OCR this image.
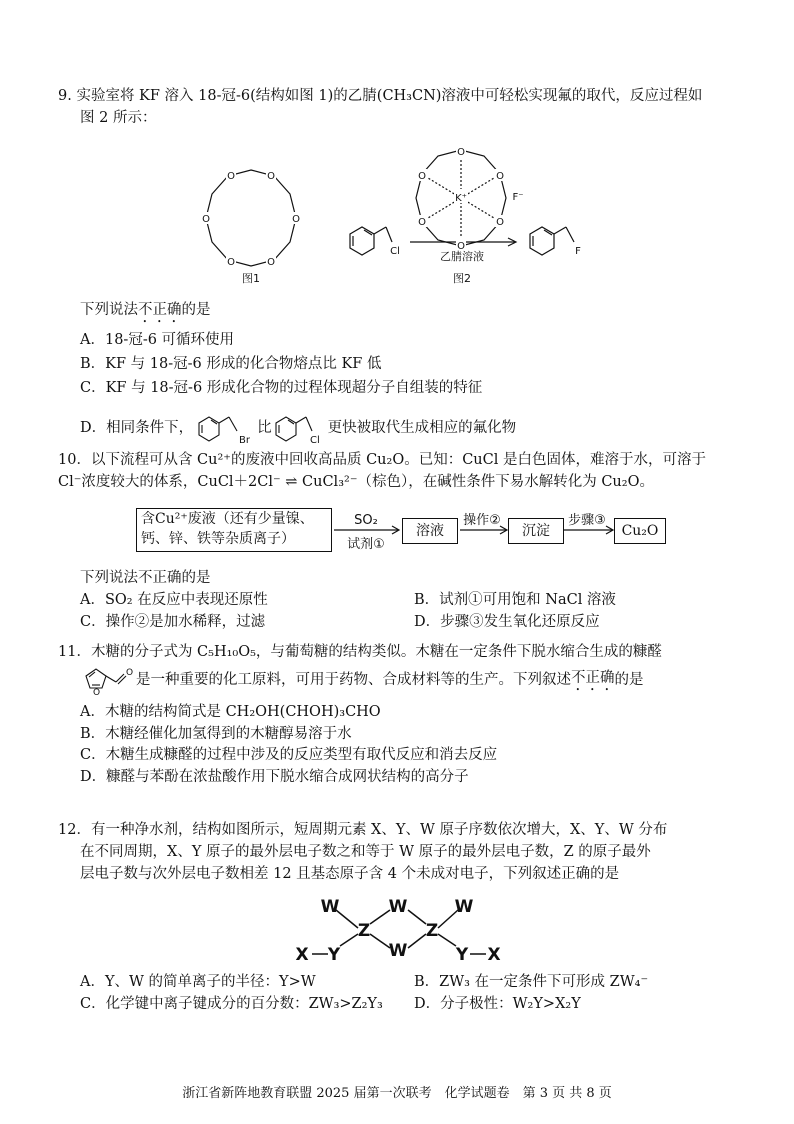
9. 实验室将 KF 溶入 18-冠-6(结构如图 1)的乙腈(CH₃CN)溶液中可轻松实现氟的取代，反应过程如
图 2 所示：
O
O
O
O
O
O
图1
O
O
O
O
O
O
K⁺	F⁻
Cl	F
乙腈溶液
图2
下列说法不正确的是
A．18-冠-6 可循环使用
B．KF 与 18-冠-6 形成的化合物熔点比 KF 低
C．KF 与 18-冠-6 形成化合物的过程体现超分子自组装的特征
D．相同条件下，
Br
比
Cl
更快被取代生成相应的氟化物
10．以下流程可从含 Cu²⁺的废液中回收高品质 Cu₂O。已知：CuCl 是白色固体，难溶于水，可溶于
Cl⁻浓度较大的体系，CuCl＋2Cl⁻ ⇌ CuCl₃²⁻（棕色），在碱性条件下易水解转化为 Cu₂O。
含Cu²⁺废液（还有少量镍、
钙、锌、铁等杂质离子）
SO₂
试剂①
操作②	步骤③
溶液	沉淀	Cu₂O
下列说法不正确的是
A．SO₂ 在反应中表现还原性	B．试剂①可用饱和 NaCl 溶液
C．操作②是加水稀释，过滤	D．步骤③发生氧化还原反应
11．木糖的分子式为 C₅H₁₀O₅，与葡萄糖的结构类似。木糖在一定条件下脱水缩合生成的糠醛
O
O 是一种重要的化工原料，可用于药物、合成材料等的生产。下列叙述 不正确 的是
A．木糖的结构简式是 CH₂OH(CHOH)₃CHO
B．木糖经催化加氢得到的木糖醇易溶于水
C．木糖生成糠醛的过程中涉及的反应类型有取代反应和消去反应
D．糠醛与苯酚在浓盐酸作用下脱水缩合成网状结构的高分子
12．有一种净水剂，结构如图所示，短周期元素 X、Y、W 原子序数依次增大，X、Y、W 分布
在不同周期，X、Y 原子的最外层电子数之和等于 W 原子的最外层电子数，Z 的原子最外
层电子数与次外层电子数相差 12 且基态原子含 4 个未成对电子，下列叙述正确的是
W	W	W
Z	Z
W
X Y	Y X
A．Y、W 的简单离子的半径：Y>W	B．ZW₃ 在一定条件下可形成 ZW₄⁻
C．化学键中离子键成分的百分数：ZW₃>Z₂Y₃	D．分子极性：W₂Y>X₂Y
浙江省新阵地教育联盟 2025 届第一次联考　化学试题卷　第 3 页 共 8 页
